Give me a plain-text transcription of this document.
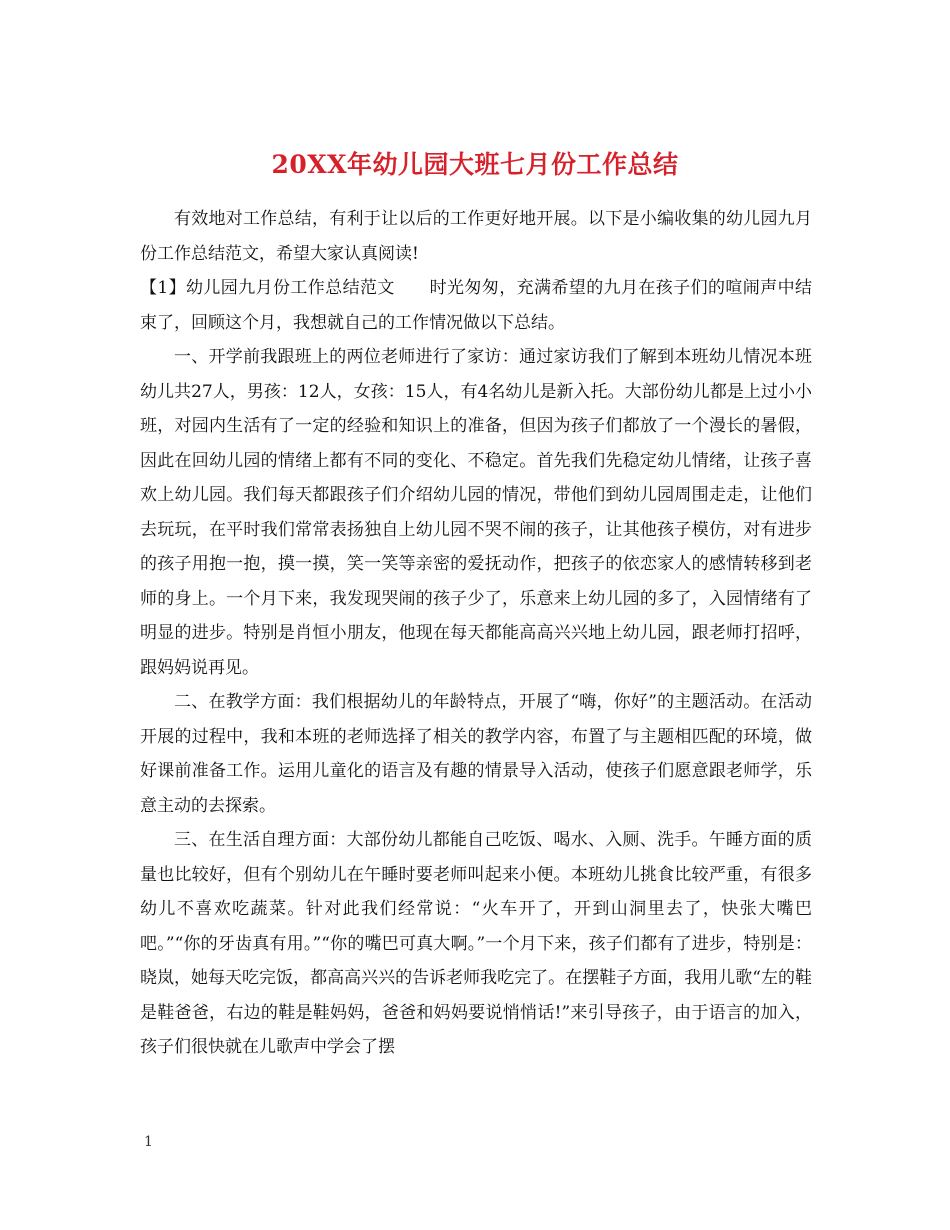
20XX年幼儿园大班七月份工作总结

有效地对工作总结，有利于让以后的工作更好地开展。以下是小编收集的幼儿园九月份工作总结范文，希望大家认真阅读!

【1】幼儿园九月份工作总结范文　　时光匆匆，充满希望的九月在孩子们的喧闹声中结束了，回顾这个月，我想就自己的工作情况做以下总结。

一、开学前我跟班上的两位老师进行了家访：通过家访我们了解到本班幼儿情况本班幼儿共27人，男孩：12人，女孩：15人，有4名幼儿是新入托。大部份幼儿都是上过小小班，对园内生活有了一定的经验和知识上的准备，但因为孩子们都放了一个漫长的暑假，因此在回幼儿园的情绪上都有不同的变化、不稳定。首先我们先稳定幼儿情绪，让孩子喜欢上幼儿园。我们每天都跟孩子们介绍幼儿园的情况，带他们到幼儿园周围走走，让他们去玩玩，在平时我们常常表扬独自上幼儿园不哭不闹的孩子，让其他孩子模仿，对有进步的孩子用抱一抱，摸一摸，笑一笑等亲密的爱抚动作，把孩子的依恋家人的感情转移到老师的身上。一个月下来，我发现哭闹的孩子少了，乐意来上幼儿园的多了，入园情绪有了明显的进步。特别是肖恒小朋友，他现在每天都能高高兴兴地上幼儿园，跟老师打招呼，跟妈妈说再见。

二、在教学方面：我们根据幼儿的年龄特点，开展了“嗨，你好”的主题活动。在活动开展的过程中，我和本班的老师选择了相关的教学内容，布置了与主题相匹配的环境，做好课前准备工作。运用儿童化的语言及有趣的情景导入活动，使孩子们愿意跟老师学，乐意主动的去探索。

三、在生活自理方面：大部份幼儿都能自己吃饭、喝水、入厕、洗手。午睡方面的质量也比较好，但有个别幼儿在午睡时要老师叫起来小便。本班幼儿挑食比较严重，有很多幼儿不喜欢吃蔬菜。针对此我们经常说：“火车开了，开到山洞里去了，快张大嘴巴吧。”“你的牙齿真有用。”“你的嘴巴可真大啊。”一个月下来，孩子们都有了进步，特别是：晓岚，她每天吃完饭，都高高兴兴的告诉老师我吃完了。在摆鞋子方面，我用儿歌“左的鞋是鞋爸爸，右边的鞋是鞋妈妈，爸爸和妈妈要说悄悄话!”来引导孩子，由于语言的加入，孩子们很快就在儿歌声中学会了摆

1
